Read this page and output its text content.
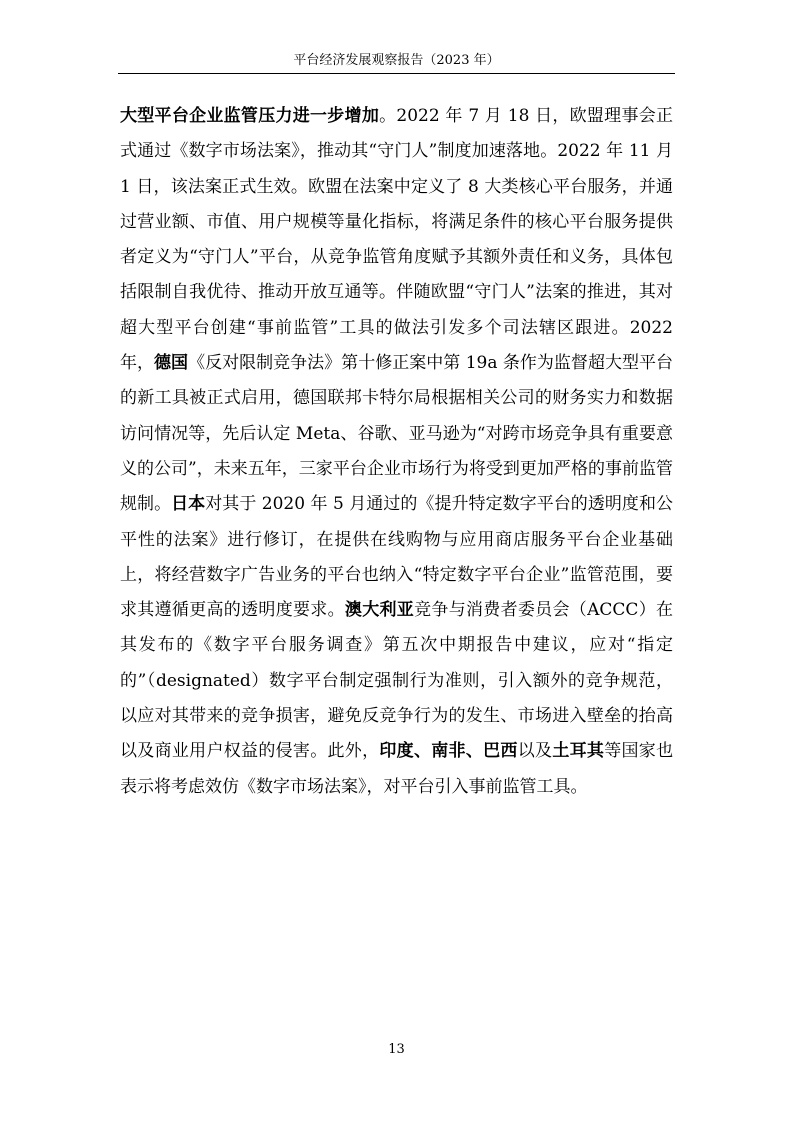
平台经济发展观察报告（2023 年）

大型平台企业监管压力进一步增加。2022 年 7 月 18 日，欧盟理事会正式通过《数字市场法案》，推动其“守门人”制度加速落地。2022 年 11 月 1 日，该法案正式生效。欧盟在法案中定义了 8 大类核心平台服务，并通过营业额、市值、用户规模等量化指标，将满足条件的核心平台服务提供者定义为“守门人”平台，从竞争监管角度赋予其额外责任和义务，具体包括限制自我优待、推动开放互通等。伴随欧盟“守门人”法案的推进，其对超大型平台创建“事前监管”工具的做法引发多个司法辖区跟进。2022 年，德国《反对限制竞争法》第十修正案中第 19a 条作为监督超大型平台的新工具被正式启用，德国联邦卡特尔局根据相关公司的财务实力和数据访问情况等，先后认定 Meta、谷歌、亚马逊为“对跨市场竞争具有重要意义的公司”，未来五年，三家平台企业市场行为将受到更加严格的事前监管规制。日本对其于 2020 年 5 月通过的《提升特定数字平台的透明度和公平性的法案》进行修订，在提供在线购物与应用商店服务平台企业基础上，将经营数字广告业务的平台也纳入“特定数字平台企业”监管范围，要求其遵循更高的透明度要求。澳大利亚竞争与消费者委员会（ACCC）在其发布的《数字平台服务调查》第五次中期报告中建议，应对“指定的”（designated）数字平台制定强制行为准则，引入额外的竞争规范，以应对其带来的竞争损害，避免反竞争行为的发生、市场进入壁垒的抬高以及商业用户权益的侵害。此外，印度、南非、巴西以及土耳其等国家也表示将考虑效仿《数字市场法案》，对平台引入事前监管工具。

13
